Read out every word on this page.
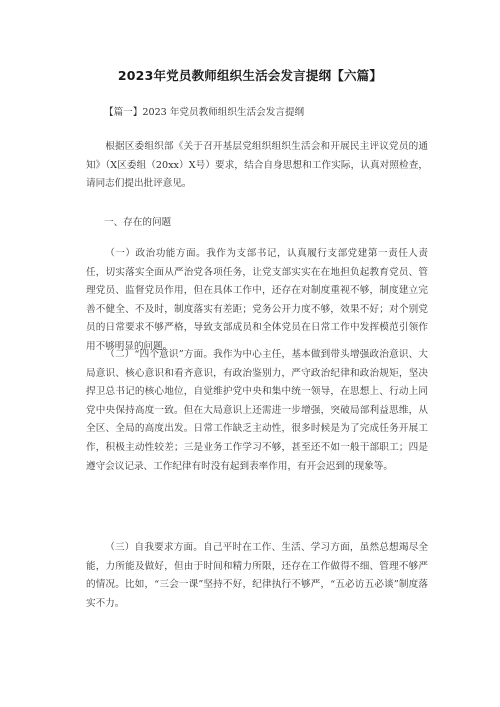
2023年党员教师组织生活会发言提纲【六篇】
【篇一】2023 年党员教师组织生活会发言提纲

根据区委组织部《关于召开基层党组织组织生活会和开展民主评议党员的通知》（X区委组（20xx）X号）要求，结合自身思想和工作实际，认真对照检查，请同志们提出批评意见。

一、存在的问题

（一）政治功能方面。我作为支部书记，认真履行支部党建第一责任人责任，切实落实全面从严治党各项任务，让党支部实实在在地担负起教育党员、管理党员、监督党员作用，但在具体工作中，还存在对制度重视不够，制度建立完善不健全、不及时，制度落实有差距；党务公开力度不够，效果不好；对个别党员的日常要求不够严格，导致支部成员和全体党员在日常工作中发挥模范引领作用不够明显的问题。

（二）“四个意识”方面。我作为中心主任，基本做到带头增强政治意识、大局意识、核心意识和看齐意识，有政治鉴别力，严守政治纪律和政治规矩，坚决捍卫总书记的核心地位，自觉维护党中央和集中统一领导，在思想上、行动上同党中央保持高度一致。但在大局意识上还需进一步增强，突破局部利益思维，从全区、全局的高度出发。日常工作缺乏主动性，很多时候是为了完成任务开展工作，积极主动性较差；三是业务工作学习不够，甚至还不如一般干部职工；四是遵守会议记录、工作纪律有时没有起到表率作用，有开会迟到的现象等。

（三）自我要求方面。自己平时在工作、生活、学习方面，虽然总想竭尽全能，力所能及做好，但由于时间和精力所限，还存在工作做得不细、管理不够严的情况。比如，“三会一课”坚持不好，纪律执行不够严，“五必访五必谈”制度落实不力。
